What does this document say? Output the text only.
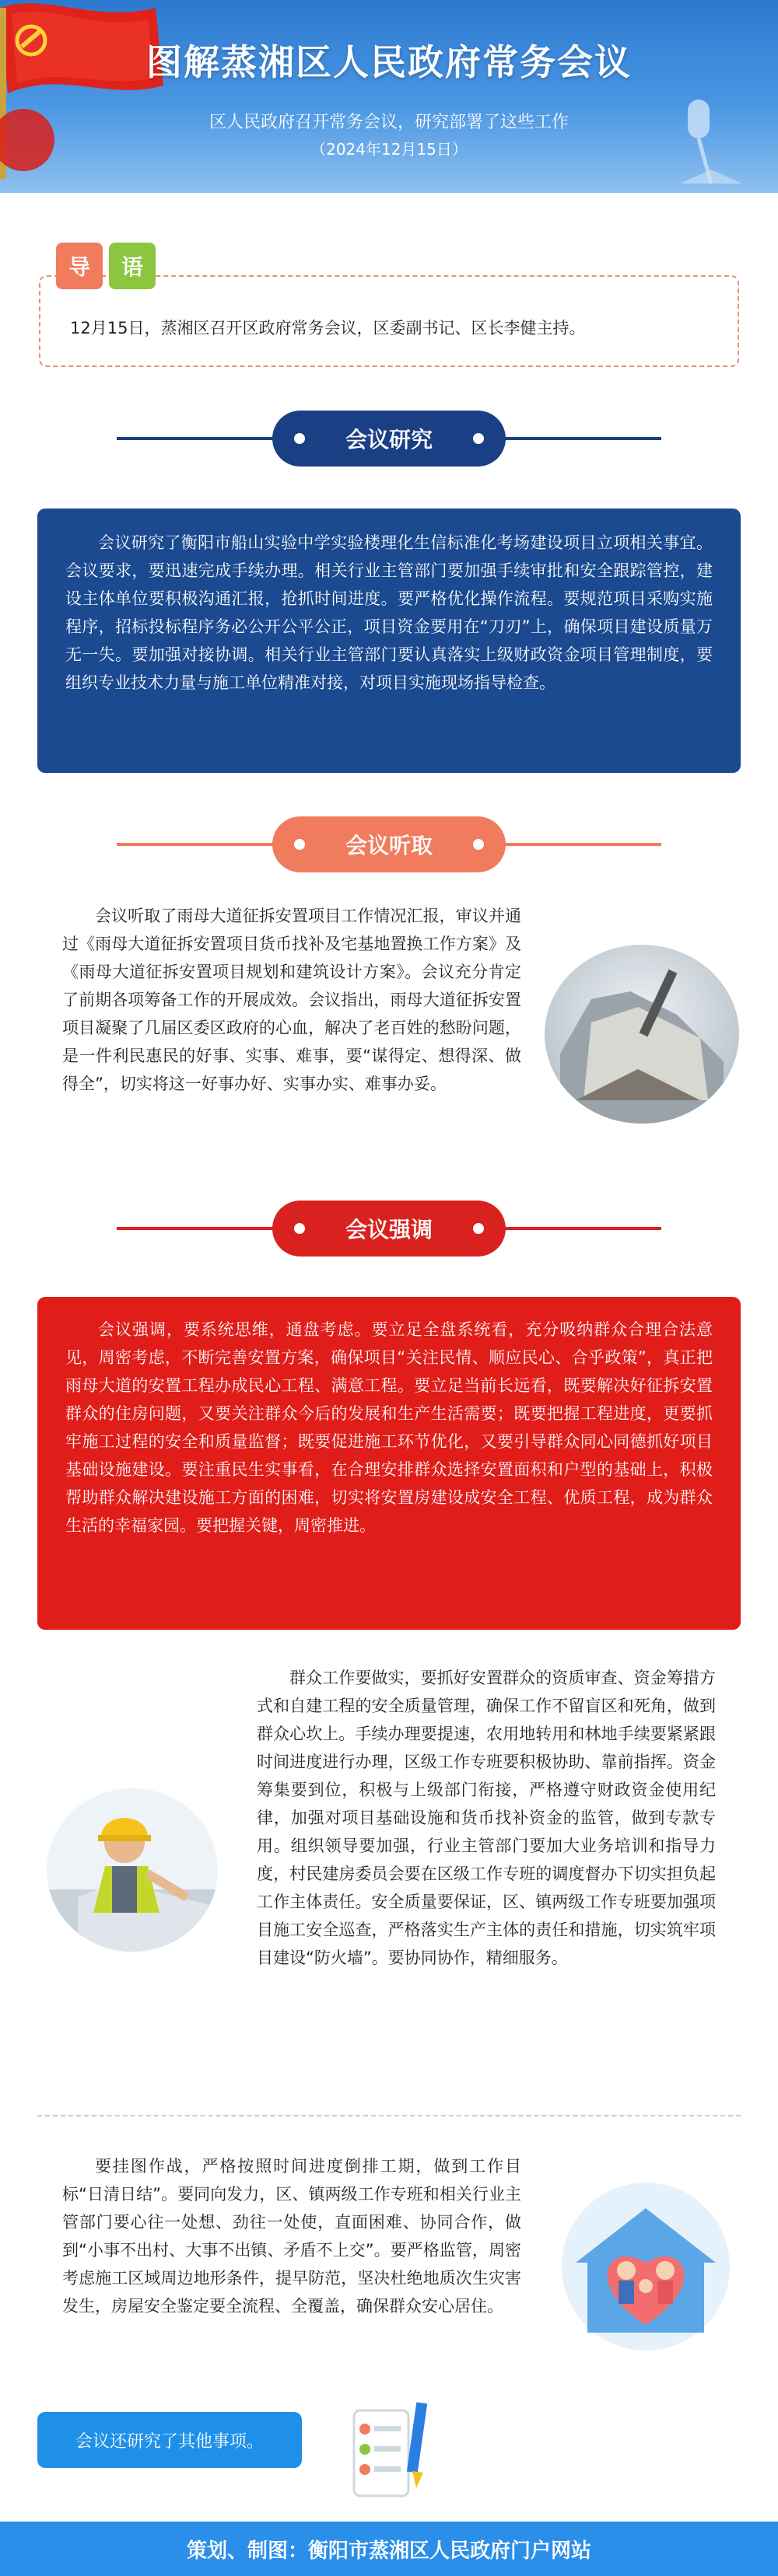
图解蒸湘区人民政府常务会议
区人民政府召开常务会议，研究部署了这些工作
（2024年12月15日）
导	语
12月15日，蒸湘区召开区政府常务会议，区委副书记、区长李健主持。
会议研究
会议研究了衡阳市船山实验中学实验楼理化生信标准化考场建设项目立项相关事宜。会议要求，要迅速完成手续办理。相关行业主管部门要加强手续审批和安全跟踪管控，建设主体单位要积极沟通汇报，抢抓时间进度。要严格优化操作流程。要规范项目采购实施程序，招标投标程序务必公开公平公正，项目资金要用在“刀刃”上，确保项目建设质量万无一失。要加强对接协调。相关行业主管部门要认真落实上级财政资金项目管理制度，要组织专业技术力量与施工单位精准对接，对项目实施现场指导检查。
会议听取
会议听取了雨母大道征拆安置项目工作情况汇报，审议并通过《雨母大道征拆安置项目货币找补及宅基地置换工作方案》及《雨母大道征拆安置项目规划和建筑设计方案》。会议充分肯定了前期各项筹备工作的开展成效。会议指出，雨母大道征拆安置项目凝聚了几届区委区政府的心血，解决了老百姓的愁盼问题，是一件利民惠民的好事、实事、难事，要“谋得定、想得深、做得全”，切实将这一好事办好、实事办实、难事办妥。
会议强调
会议强调，要系统思维，通盘考虑。要立足全盘系统看，充分吸纳群众合理合法意见，周密考虑，不断完善安置方案，确保项目“关注民情、顺应民心、合乎政策”，真正把雨母大道的安置工程办成民心工程、满意工程。要立足当前长远看，既要解决好征拆安置群众的住房问题，又要关注群众今后的发展和生产生活需要；既要把握工程进度，更要抓牢施工过程的安全和质量监督；既要促进施工环节优化，又要引导群众同心同德抓好项目基础设施建设。要注重民生实事看，在合理安排群众选择安置面积和户型的基础上，积极帮助群众解决建设施工方面的困难，切实将安置房建设成安全工程、优质工程，成为群众生活的幸福家园。要把握关键，周密推进。
群众工作要做实，要抓好安置群众的资质审查、资金筹措方式和自建工程的安全质量管理，确保工作不留盲区和死角，做到群众心坎上。手续办理要提速，农用地转用和林地手续要紧紧跟时间进度进行办理，区级工作专班要积极协助、靠前指挥。资金筹集要到位，积极与上级部门衔接，严格遵守财政资金使用纪律，加强对项目基础设施和货币找补资金的监管，做到专款专用。组织领导要加强，行业主管部门要加大业务培训和指导力度，村民建房委员会要在区级工作专班的调度督办下切实担负起工作主体责任。安全质量要保证，区、镇两级工作专班要加强项目施工安全巡查，严格落实生产主体的责任和措施，切实筑牢项目建设“防火墙”。要协同协作，精细服务。
要挂图作战，严格按照时间进度倒排工期，做到工作目标“日清日结”。要同向发力，区、镇两级工作专班和相关行业主管部门要心往一处想、劲往一处使，直面困难、协同合作，做到“小事不出村、大事不出镇、矛盾不上交”。要严格监管，周密考虑施工区域周边地形条件，提早防范，坚决杜绝地质次生灾害发生，房屋安全鉴定要全流程、全覆盖，确保群众安心居住。
会议还研究了其他事项。
策划、制图：衡阳市蒸湘区人民政府门户网站
